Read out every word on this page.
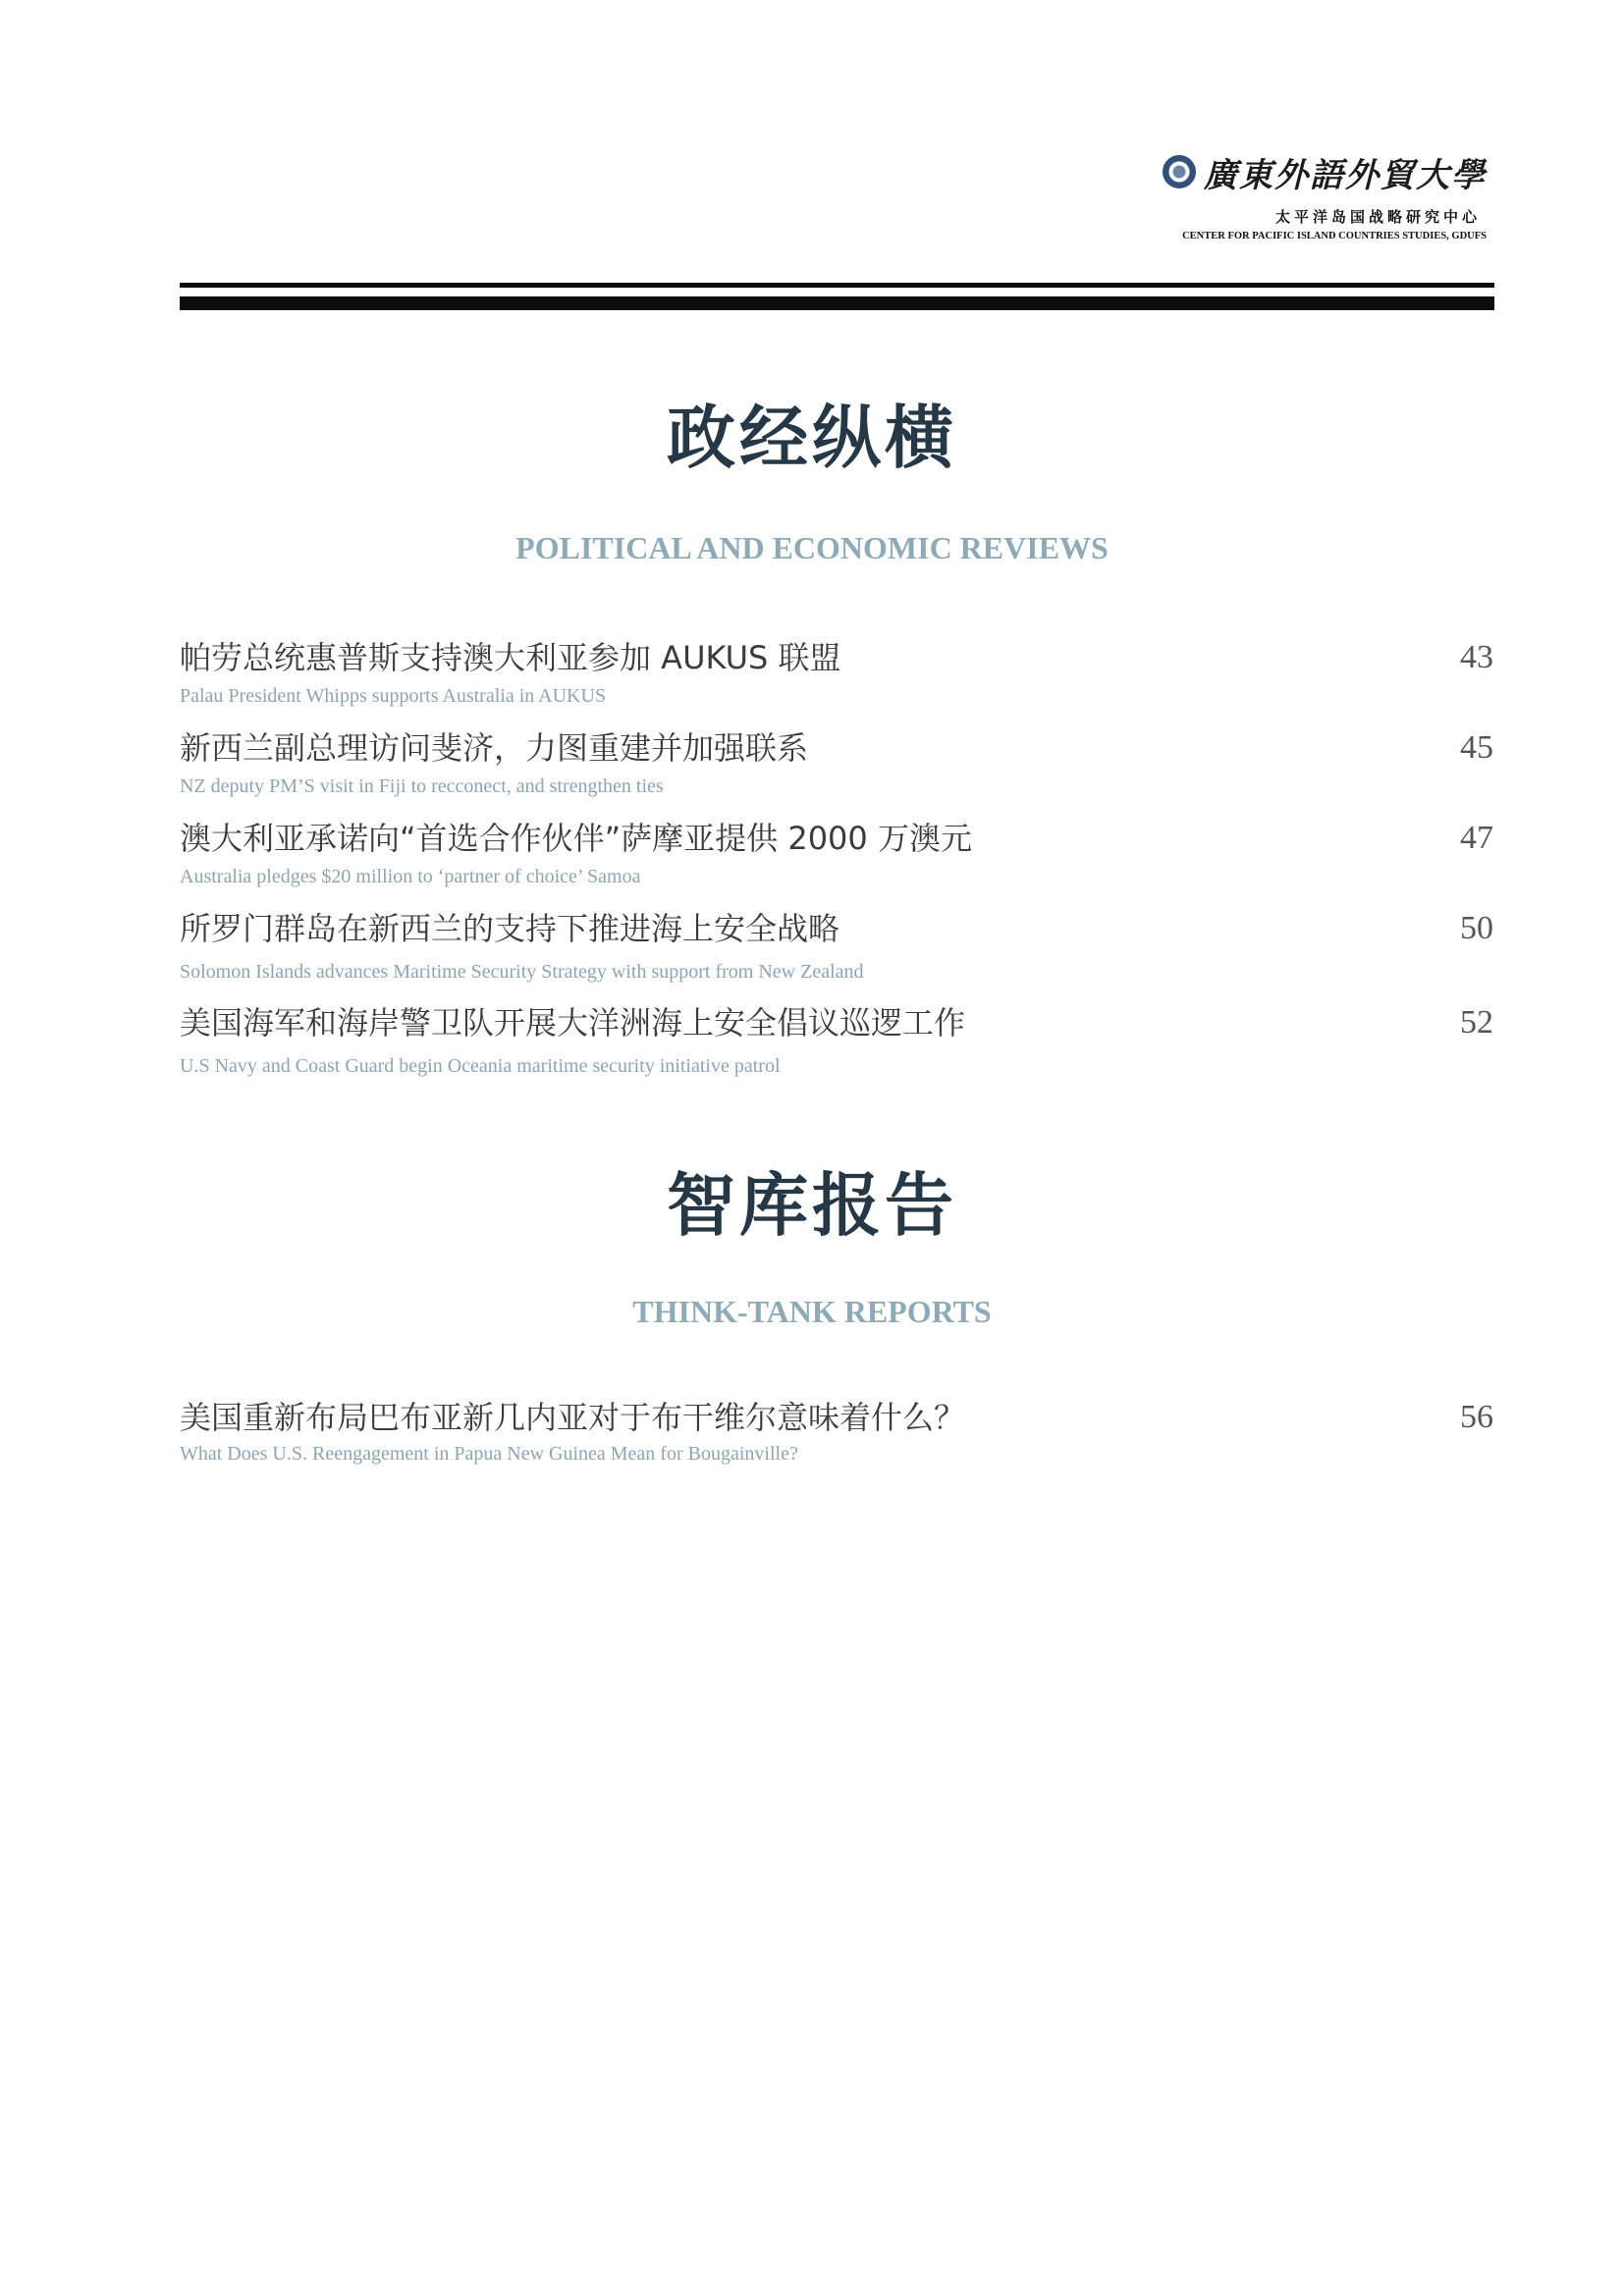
廣東外語外貿大學
太平洋岛国战略研究中心
CENTER FOR PACIFIC ISLAND COUNTRIES STUDIES, GDUFS
政经纵横
POLITICAL AND ECONOMIC REVIEWS
帕劳总统惠普斯支持澳大利亚参加 AUKUS 联盟
Palau President Whipps supports Australia in AUKUS
43
新西兰副总理访问斐济，力图重建并加强联系
NZ deputy PM’S visit in Fiji to recconect, and strengthen ties
45
澳大利亚承诺向“首选合作伙伴”萨摩亚提供 2000 万澳元
Australia pledges $20 million to ‘partner of choice’ Samoa
47
所罗门群岛在新西兰的支持下推进海上安全战略
Solomon Islands advances Maritime Security Strategy with support from New Zealand
50
美国海军和海岸警卫队开展大洋洲海上安全倡议巡逻工作
U.S Navy and Coast Guard begin Oceania maritime security initiative patrol
52
智库报告
THINK-TANK REPORTS
美国重新布局巴布亚新几内亚对于布干维尔意味着什么？
What Does U.S. Reengagement in Papua New Guinea Mean for Bougainville?
56
